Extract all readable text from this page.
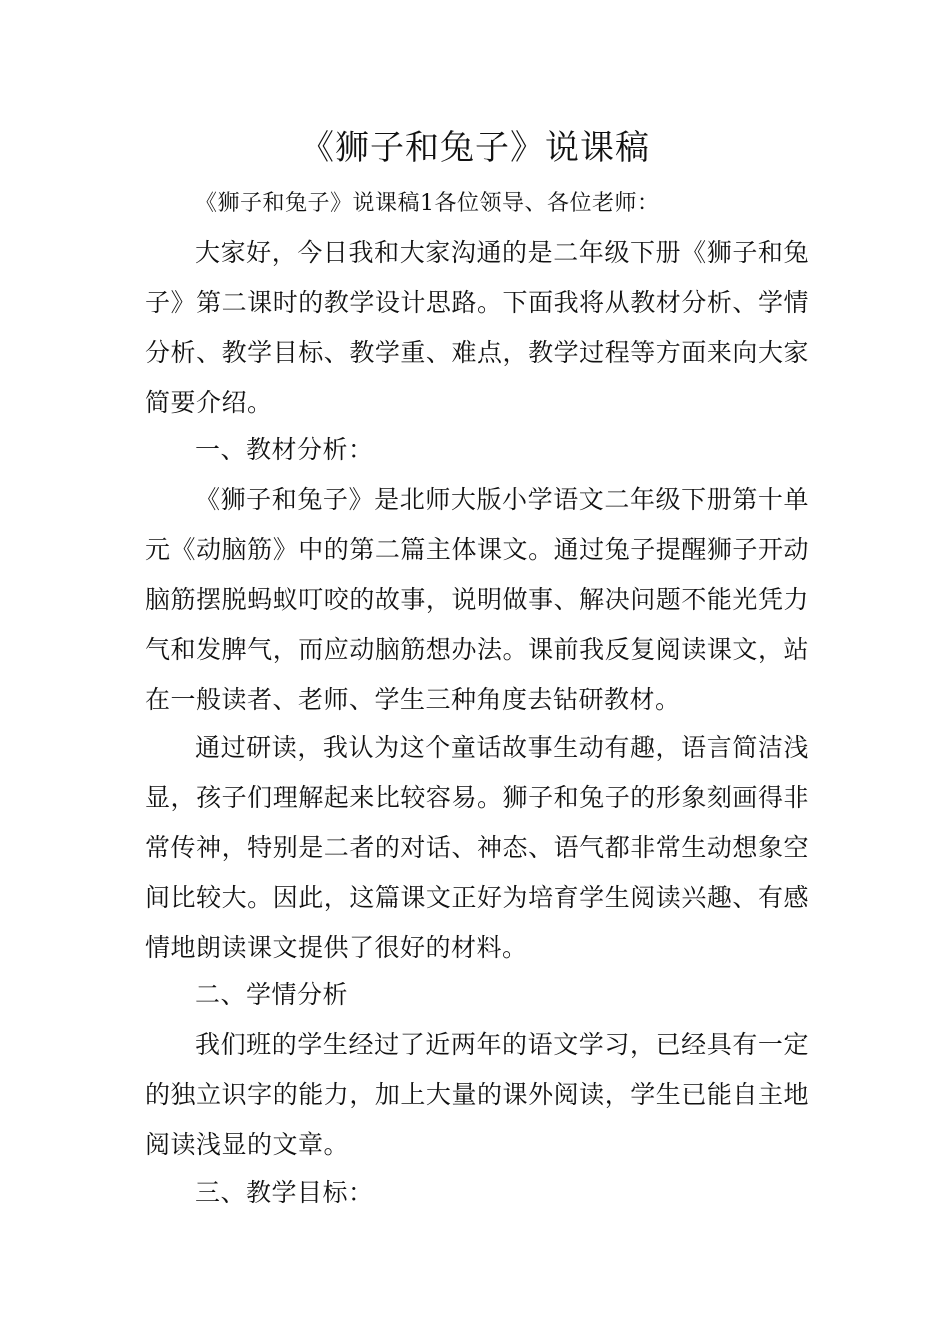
《狮子和兔子》说课稿

《狮子和兔子》说课稿1各位领导、各位老师：

大家好，今日我和大家沟通的是二年级下册《狮子和兔子》第二课时的教学设计思路。下面我将从教材分析、学情分析、教学目标、教学重、难点，教学过程等方面来向大家简要介绍。

一、教材分析：

《狮子和兔子》是北师大版小学语文二年级下册第十单元《动脑筋》中的第二篇主体课文。通过兔子提醒狮子开动脑筋摆脱蚂蚁叮咬的故事，说明做事、解决问题不能光凭力气和发脾气，而应动脑筋想办法。课前我反复阅读课文，站在一般读者、老师、学生三种角度去钻研教材。

通过研读，我认为这个童话故事生动有趣，语言简洁浅显，孩子们理解起来比较容易。狮子和兔子的形象刻画得非常传神，特别是二者的对话、神态、语气都非常生动想象空间比较大。因此，这篇课文正好为培育学生阅读兴趣、有感情地朗读课文提供了很好的材料。

二、学情分析

我们班的学生经过了近两年的语文学习，已经具有一定的独立识字的能力，加上大量的课外阅读，学生已能自主地阅读浅显的文章。

三、教学目标：
